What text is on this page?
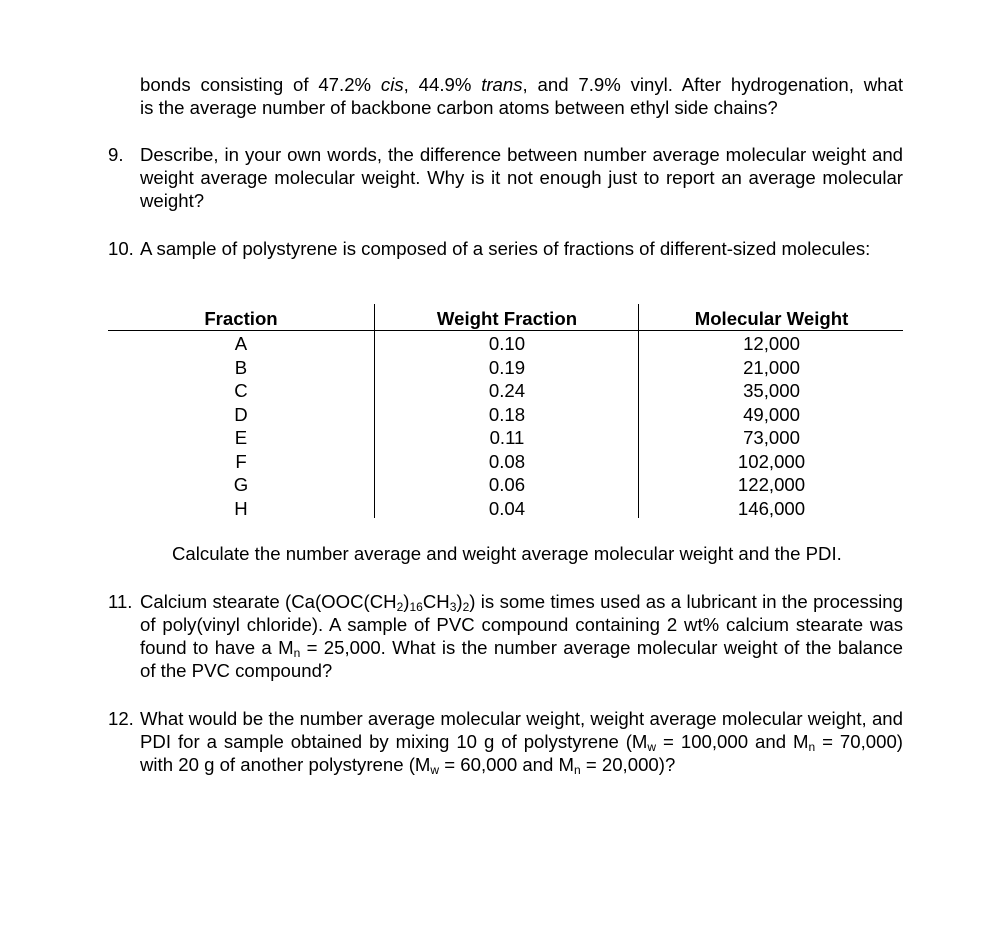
bonds consisting of 47.2% cis, 44.9% trans, and 7.9% vinyl. After hydrogenation, what

is the average number of backbone carbon atoms between ethyl side chains?

9. Describe, in your own words, the difference between number average molecular weight and weight average molecular weight. Why is it not enough just to report an average molecular weight?

10. A sample of polystyrene is composed of a series of fractions of different-sized molecules:

Fraction
A
B
C
D
E
F
G
H
Weight Fraction
0.10
0.19
0.24
0.18
0.11
0.08
0.06
0.04
Molecular Weight
12,000
21,000
35,000
49,000
73,000
102,000
122,000
146,000
Calculate the number average and weight average molecular weight and the PDI.
11. Calcium stearate $(Ca(OOC(CH_2)_{16}CH_3)_2)$ is some times used as a lubricant in the processing of poly(vinyl chloride). A sample of PVC compound containing 2 wt% calcium stearate was found to have a $M_n = 25,000$. What is the number average molecular weight of the balance of the PVC compound?

12. What would be the number average molecular weight, weight average molecular weight, and PDI for a sample obtained by mixing 10 g of polystyrene ($M_w = 100,000$ and $M_n = 70,000$) with 20 g of another polystyrene ($M_w = 60,000$ and $M_n = 20,000$)?
